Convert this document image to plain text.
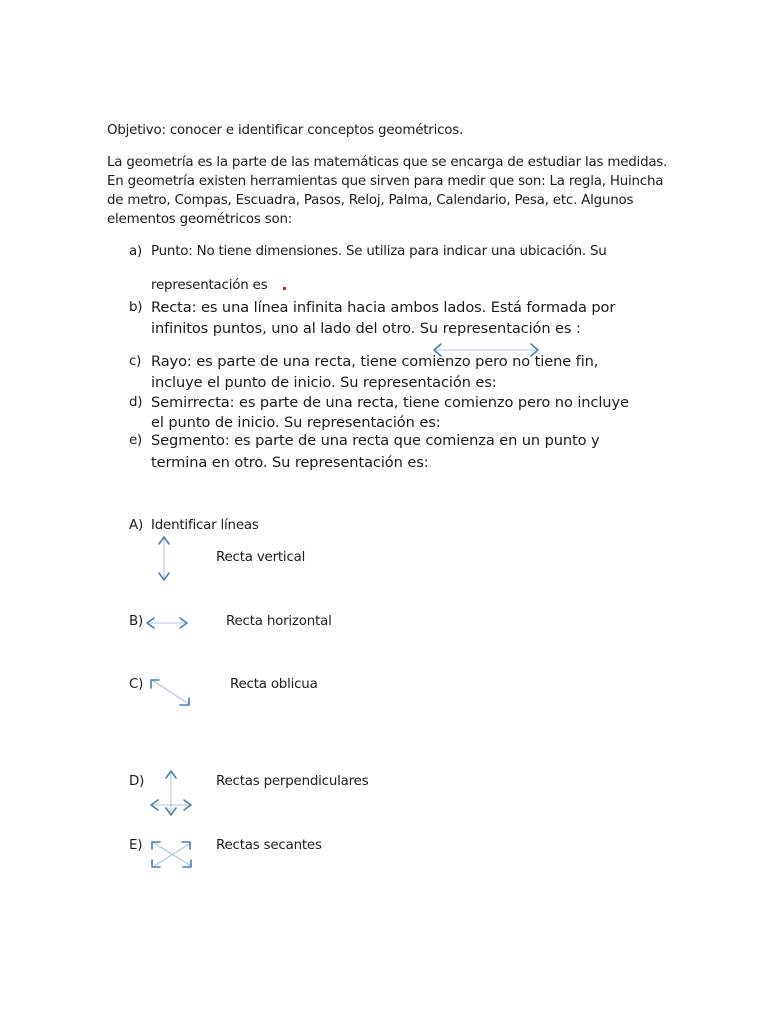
Objetivo: conocer e identificar conceptos geométricos.

La geometría es la parte de las matemáticas que se encarga de estudiar las medidas. En geometría existen herramientas que sirven para medir que son: La regla, Huincha de metro, Compas, Escuadra, Pasos, Reloj, Palma, Calendario, Pesa, etc. Algunos elementos geométricos son:

a) Punto: No tiene dimensiones. Se utiliza para indicar una ubicación. Su
representación es
b) Recta: es una línea infinita hacia ambos lados. Está formada por
infinitos puntos, uno al lado del otro. Su representación es :
c) Rayo: es parte de una recta, tiene comienzo pero no tiene fin,
incluye el punto de inicio. Su representación es:
d) Semirrecta: es parte de una recta, tiene comienzo pero no incluye
el punto de inicio. Su representación es:
e) Segmento: es parte de una recta que comienza en un punto y
termina en otro. Su representación es:
A) Identificar líneas
Recta vertical
B)	Recta horizontal
C)	Recta oblicua
D)	Rectas perpendiculares
E)	Rectas secantes
